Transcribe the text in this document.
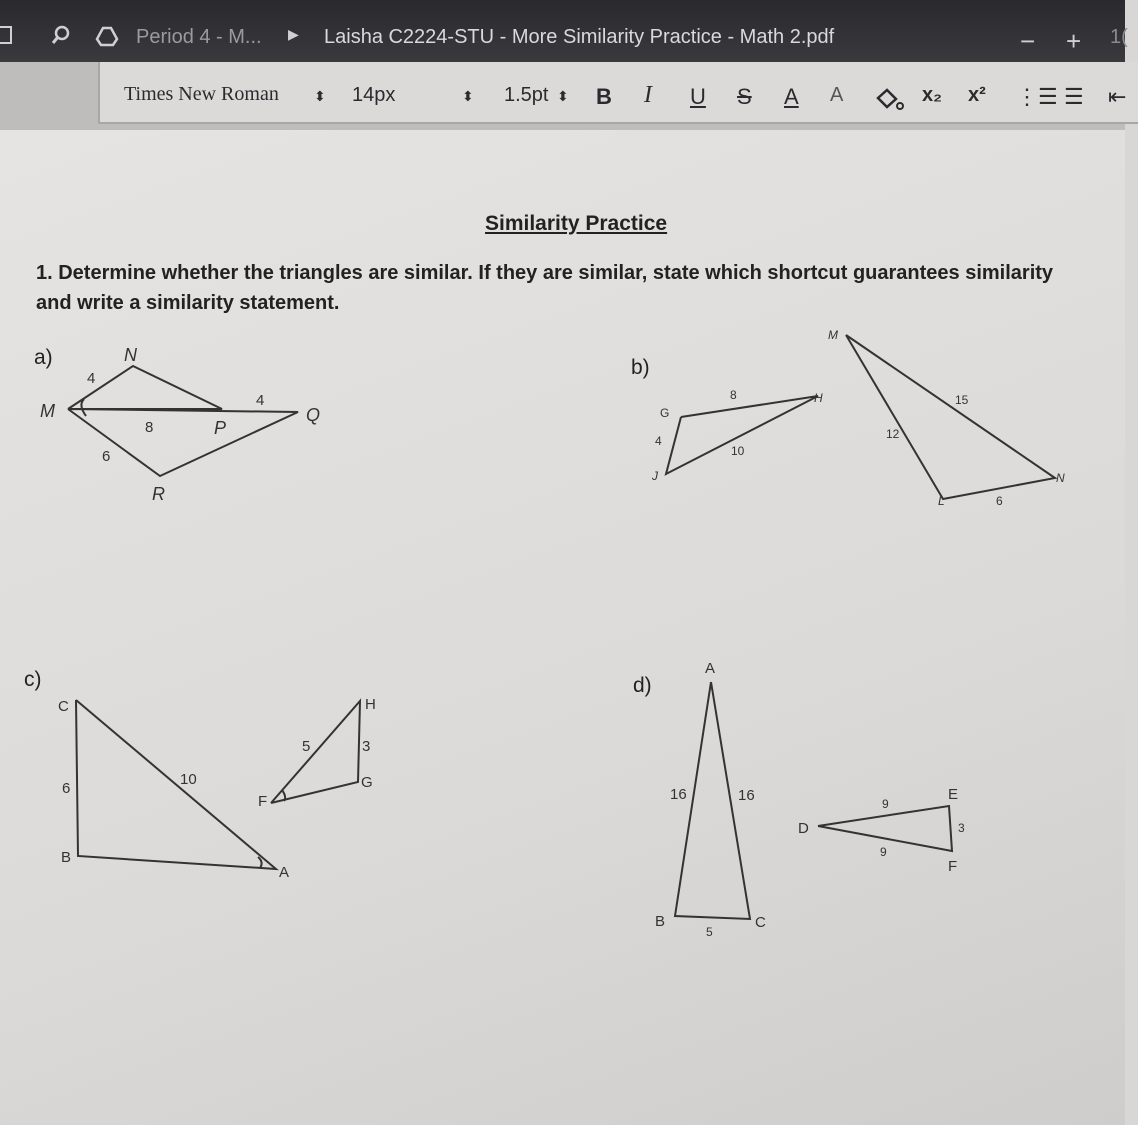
Period 4 - M... ▶ Laisha C2224-STU - More Similarity Practice - Math 2.pdf	− + 1(
Times New Roman	⬍ 14px	⬍ 1.5pt ⬍ B I U S A A	x₂ x² ⋮☰ ☰ ⇤
Similarity Practice
1. Determine whether the triangles are similar. If they are similar, state which shortcut guarantees similarity
and write a similarity statement.
a)	b)
c)	d)
N
M
P
Q
R
4
4
8
6
G
H
J
M
N
L
8
4
10
15
12
6
C
B
A
H
G
F
6
10
5	3
A
B	C
D
E
F
16	16
5
9
9
3
